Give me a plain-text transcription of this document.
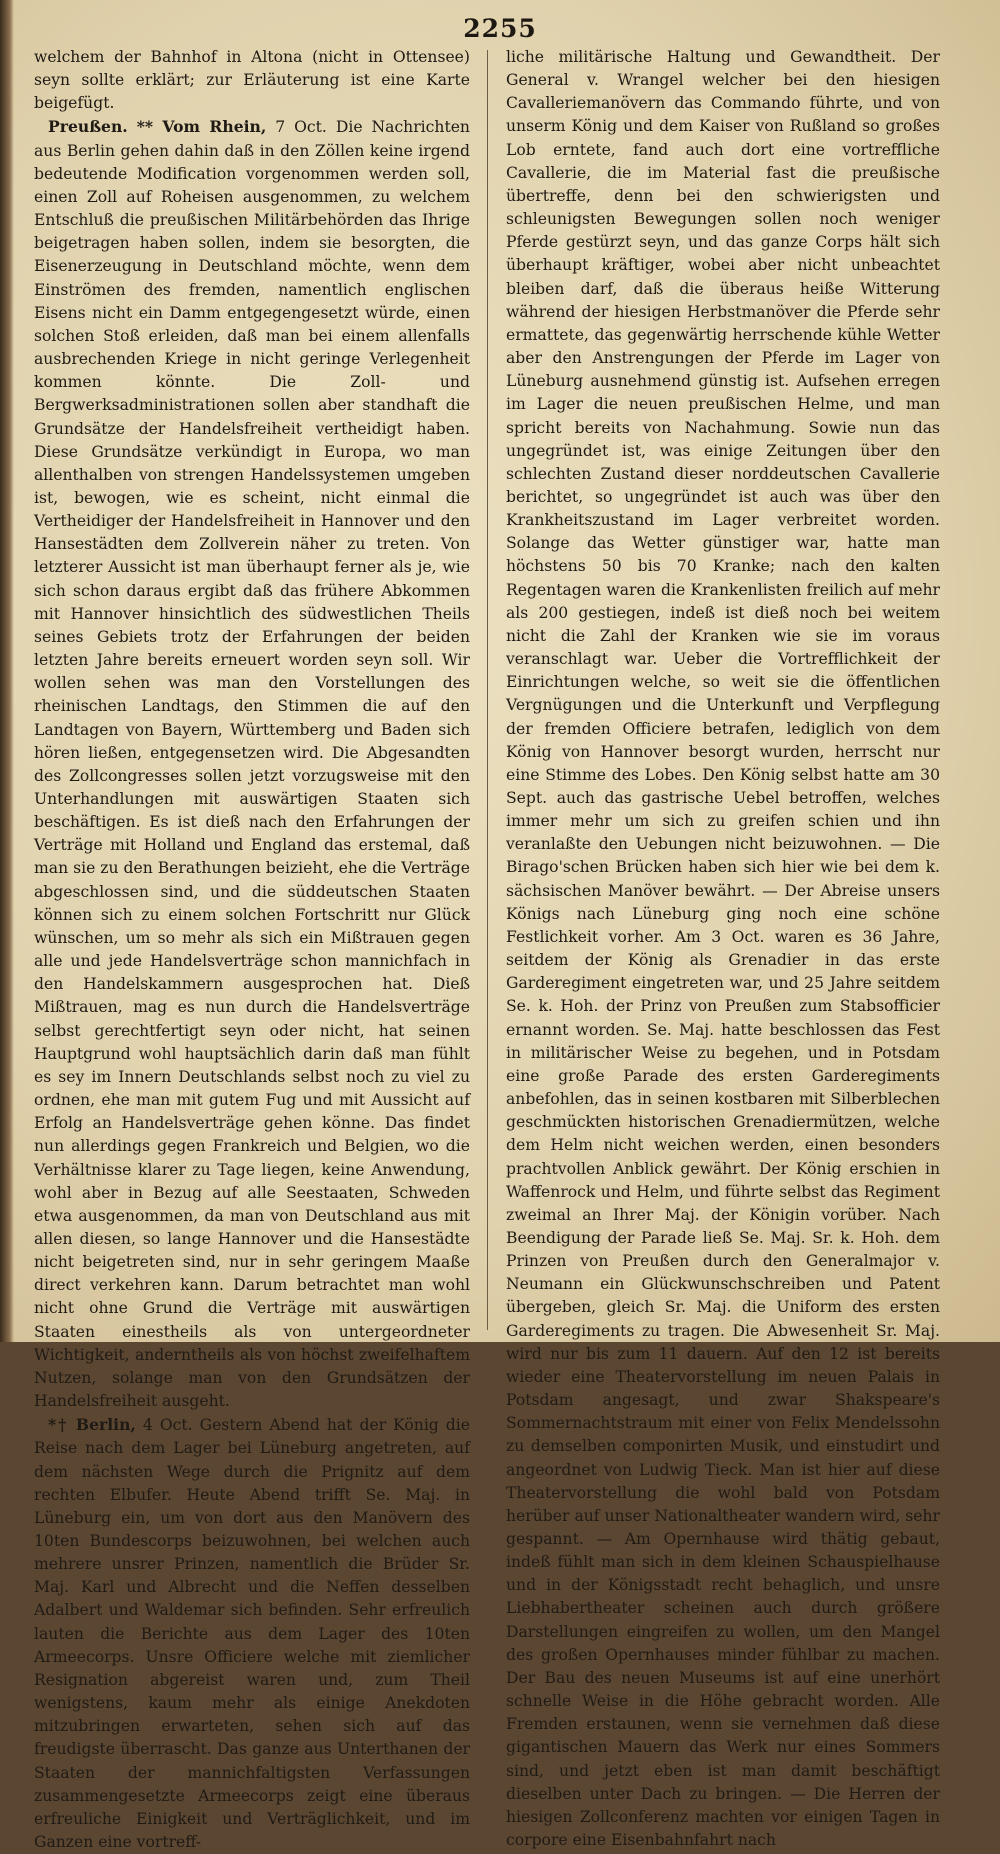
2255

welchem der Bahnhof in Altona (nicht in Ottensee) seyn sollte erklärt; zur Erläuterung ist eine Karte beigefügt.

Preußen. ** Vom Rhein, 7 Oct. Die Nachrichten aus Berlin gehen dahin daß in den Zöllen keine irgend bedeutende Modification vorgenommen werden soll, einen Zoll auf Roheisen ausgenommen, zu welchem Entschluß die preußischen Militärbehörden das Ihrige beigetragen haben sollen, indem sie besorgten, die Eisenerzeugung in Deutschland möchte, wenn dem Einströmen des fremden, namentlich englischen Eisens nicht ein Damm entgegengesetzt würde, einen solchen Stoß erleiden, daß man bei einem allenfalls ausbrechenden Kriege in nicht geringe Verlegenheit kommen könnte. Die Zoll- und Bergwerksadministrationen sollen aber standhaft die Grundsätze der Handelsfreiheit vertheidigt haben. Diese Grundsätze verkündigt in Europa, wo man allenthalben von strengen Handelssystemen umgeben ist, bewogen, wie es scheint, nicht einmal die Vertheidiger der Handelsfreiheit in Hannover und den Hansestädten dem Zollverein näher zu treten. Von letzterer Aussicht ist man überhaupt ferner als je, wie sich schon daraus ergibt daß das frühere Abkommen mit Hannover hinsichtlich des südwestlichen Theils seines Gebiets trotz der Erfahrungen der beiden letzten Jahre bereits erneuert worden seyn soll. Wir wollen sehen was man den Vorstellungen des rheinischen Landtags, den Stimmen die auf den Landtagen von Bayern, Württemberg und Baden sich hören ließen, entgegensetzen wird. Die Abgesandten des Zollcongresses sollen jetzt vorzugsweise mit den Unterhandlungen mit auswärtigen Staaten sich beschäftigen. Es ist dieß nach den Erfahrungen der Verträge mit Holland und England das erstemal, daß man sie zu den Berathungen beizieht, ehe die Verträge abgeschlossen sind, und die süddeutschen Staaten können sich zu einem solchen Fortschritt nur Glück wünschen, um so mehr als sich ein Mißtrauen gegen alle und jede Handelsverträge schon mannichfach in den Handelskammern ausgesprochen hat. Dieß Mißtrauen, mag es nun durch die Handelsverträge selbst gerechtfertigt seyn oder nicht, hat seinen Hauptgrund wohl hauptsächlich darin daß man fühlt es sey im Innern Deutschlands selbst noch zu viel zu ordnen, ehe man mit gutem Fug und mit Aussicht auf Erfolg an Handelsverträge gehen könne. Das findet nun allerdings gegen Frankreich und Belgien, wo die Verhältnisse klarer zu Tage liegen, keine Anwendung, wohl aber in Bezug auf alle Seestaaten, Schweden etwa ausgenommen, da man von Deutschland aus mit allen diesen, so lange Hannover und die Hansestädte nicht beigetreten sind, nur in sehr geringem Maaße direct verkehren kann. Darum betrachtet man wohl nicht ohne Grund die Verträge mit auswärtigen Staaten einestheils als von untergeordneter Wichtigkeit, anderntheils als von höchst zweifelhaftem Nutzen, solange man von den Grundsätzen der Handelsfreiheit ausgeht.

*† Berlin, 4 Oct. Gestern Abend hat der König die Reise nach dem Lager bei Lüneburg angetreten, auf dem nächsten Wege durch die Prignitz auf dem rechten Elbufer. Heute Abend trifft Se. Maj. in Lüneburg ein, um von dort aus den Manövern des 10ten Bundescorps beizuwohnen, bei welchen auch mehrere unsrer Prinzen, namentlich die Brüder Sr. Maj. Karl und Albrecht und die Neffen desselben Adalbert und Waldemar sich befinden. Sehr erfreulich lauten die Berichte aus dem Lager des 10ten Armeecorps. Unsre Officiere welche mit ziemlicher Resignation abgereist waren und, zum Theil wenigstens, kaum mehr als einige Anekdoten mitzubringen erwarteten, sehen sich auf das freudigste überrascht. Das ganze aus Unterthanen der Staaten der mannichfaltigsten Verfassungen zusammengesetzte Armeecorps zeigt eine überaus erfreuliche Einigkeit und Verträglichkeit, und im Ganzen eine vortreff-

liche militärische Haltung und Gewandtheit. Der General v. Wrangel welcher bei den hiesigen Cavalleriemanövern das Commando führte, und von unserm König und dem Kaiser von Rußland so großes Lob erntete, fand auch dort eine vortreffliche Cavallerie, die im Material fast die preußische übertreffe, denn bei den schwierigsten und schleunigsten Bewegungen sollen noch weniger Pferde gestürzt seyn, und das ganze Corps hält sich überhaupt kräftiger, wobei aber nicht unbeachtet bleiben darf, daß die überaus heiße Witterung während der hiesigen Herbstmanöver die Pferde sehr ermattete, das gegenwärtig herrschende kühle Wetter aber den Anstrengungen der Pferde im Lager von Lüneburg ausnehmend günstig ist. Aufsehen erregen im Lager die neuen preußischen Helme, und man spricht bereits von Nachahmung. Sowie nun das ungegründet ist, was einige Zeitungen über den schlechten Zustand dieser norddeutschen Cavallerie berichtet, so ungegründet ist auch was über den Krankheitszustand im Lager verbreitet worden. Solange das Wetter günstiger war, hatte man höchstens 50 bis 70 Kranke; nach den kalten Regentagen waren die Krankenlisten freilich auf mehr als 200 gestiegen, indeß ist dieß noch bei weitem nicht die Zahl der Kranken wie sie im voraus veranschlagt war. Ueber die Vortrefflichkeit der Einrichtungen welche, so weit sie die öffentlichen Vergnügungen und die Unterkunft und Verpflegung der fremden Officiere betrafen, lediglich von dem König von Hannover besorgt wurden, herrscht nur eine Stimme des Lobes. Den König selbst hatte am 30 Sept. auch das gastrische Uebel betroffen, welches immer mehr um sich zu greifen schien und ihn veranlaßte den Uebungen nicht beizuwohnen. — Die Birago'schen Brücken haben sich hier wie bei dem k. sächsischen Manöver bewährt. — Der Abreise unsers Königs nach Lüneburg ging noch eine schöne Festlichkeit vorher. Am 3 Oct. waren es 36 Jahre, seitdem der König als Grenadier in das erste Garderegiment eingetreten war, und 25 Jahre seitdem Se. k. Hoh. der Prinz von Preußen zum Stabsofficier ernannt worden. Se. Maj. hatte beschlossen das Fest in militärischer Weise zu begehen, und in Potsdam eine große Parade des ersten Garderegiments anbefohlen, das in seinen kostbaren mit Silberblechen geschmückten historischen Grenadiermützen, welche dem Helm nicht weichen werden, einen besonders prachtvollen Anblick gewährt. Der König erschien in Waffenrock und Helm, und führte selbst das Regiment zweimal an Ihrer Maj. der Königin vorüber. Nach Beendigung der Parade ließ Se. Maj. Sr. k. Hoh. dem Prinzen von Preußen durch den Generalmajor v. Neumann ein Glückwunschschreiben und Patent übergeben, gleich Sr. Maj. die Uniform des ersten Garderegiments zu tragen. Die Abwesenheit Sr. Maj. wird nur bis zum 11 dauern. Auf den 12 ist bereits wieder eine Theatervorstellung im neuen Palais in Potsdam angesagt, und zwar Shakspeare's Sommernachtstraum mit einer von Felix Mendelssohn zu demselben componirten Musik, und einstudirt und angeordnet von Ludwig Tieck. Man ist hier auf diese Theatervorstellung die wohl bald von Potsdam herüber auf unser Nationaltheater wandern wird, sehr gespannt. — Am Opernhause wird thätig gebaut, indeß fühlt man sich in dem kleinen Schauspielhause und in der Königsstadt recht behaglich, und unsre Liebhabertheater scheinen auch durch größere Darstellungen eingreifen zu wollen, um den Mangel des großen Opernhauses minder fühlbar zu machen. Der Bau des neuen Museums ist auf eine unerhört schnelle Weise in die Höhe gebracht worden. Alle Fremden erstaunen, wenn sie vernehmen daß diese gigantischen Mauern das Werk nur eines Sommers sind, und jetzt eben ist man damit beschäftigt dieselben unter Dach zu bringen. — Die Herren der hiesigen Zollconferenz machten vor einigen Tagen in corpore eine Eisenbahnfahrt nach
